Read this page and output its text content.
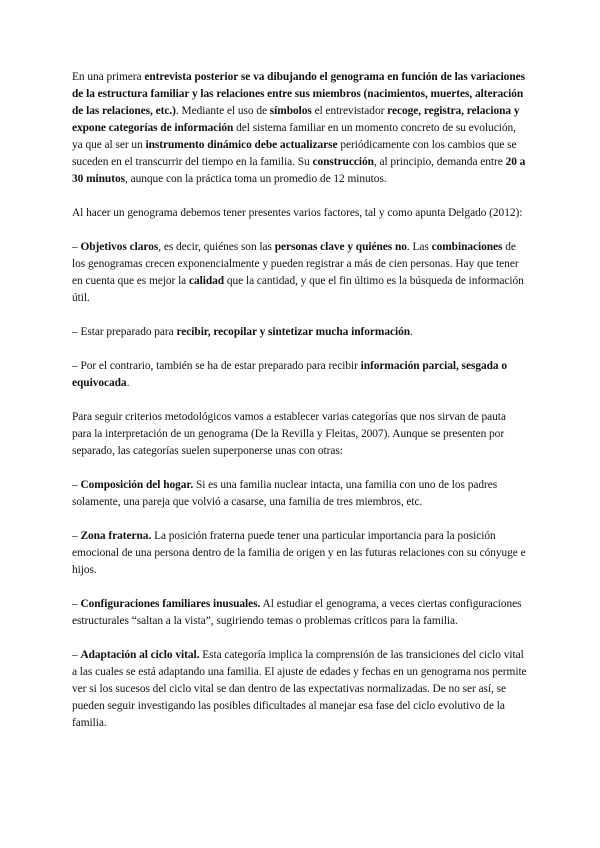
En una primera entrevista posterior se va dibujando el genograma en función de las variaciones de la estructura familiar y las relaciones entre sus miembros (nacimientos, muertes, alteración de las relaciones, etc.). Mediante el uso de símbolos el entrevistador recoge, registra, relaciona y expone categorías de información del sistema familiar en un momento concreto de su evolución, ya que al ser un instrumento dinámico debe actualizarse periódicamente con los cambios que se suceden en el transcurrir del tiempo en la familia. Su construcción, al principio, demanda entre 20 a 30 minutos, aunque con la práctica toma un promedio de 12 minutos.

Al hacer un genograma debemos tener presentes varios factores, tal y como apunta Delgado (2012):

– Objetivos claros, es decir, quiénes son las personas clave y quiénes no. Las combinaciones de los genogramas crecen exponencialmente y pueden registrar a más de cien personas. Hay que tener en cuenta que es mejor la calidad que la cantidad, y que el fin último es la búsqueda de información útil.

– Estar preparado para recibir, recopilar y sintetizar mucha información.

– Por el contrario, también se ha de estar preparado para recibir información parcial, sesgada o equivocada.

Para seguir criterios metodológicos vamos a establecer varias categorías que nos sirvan de pauta para la interpretación de un genograma (De la Revilla y Fleitas, 2007). Aunque se presenten por separado, las categorías suelen superponerse unas con otras:

– Composición del hogar. Si es una familia nuclear intacta, una familia con uno de los padres solamente, una pareja que volvió a casarse, una familia de tres miembros, etc.

– Zona fraterna. La posición fraterna puede tener una particular importancia para la posición emocional de una persona dentro de la familia de origen y en las futuras relaciones con su cónyuge e hijos.

– Configuraciones familiares inusuales. Al estudiar el genograma, a veces ciertas configuraciones estructurales “saltan a la vista”, sugiriendo temas o problemas críticos para la familia.

– Adaptación al ciclo vital. Esta categoría implica la comprensión de las transiciones del ciclo vital a las cuales se está adaptando una familia. El ajuste de edades y fechas en un genograma nos permite ver si los sucesos del ciclo vital se dan dentro de las expectativas normalizadas. De no ser así, se pueden seguir investigando las posibles dificultades al manejar esa fase del ciclo evolutivo de la familia.
